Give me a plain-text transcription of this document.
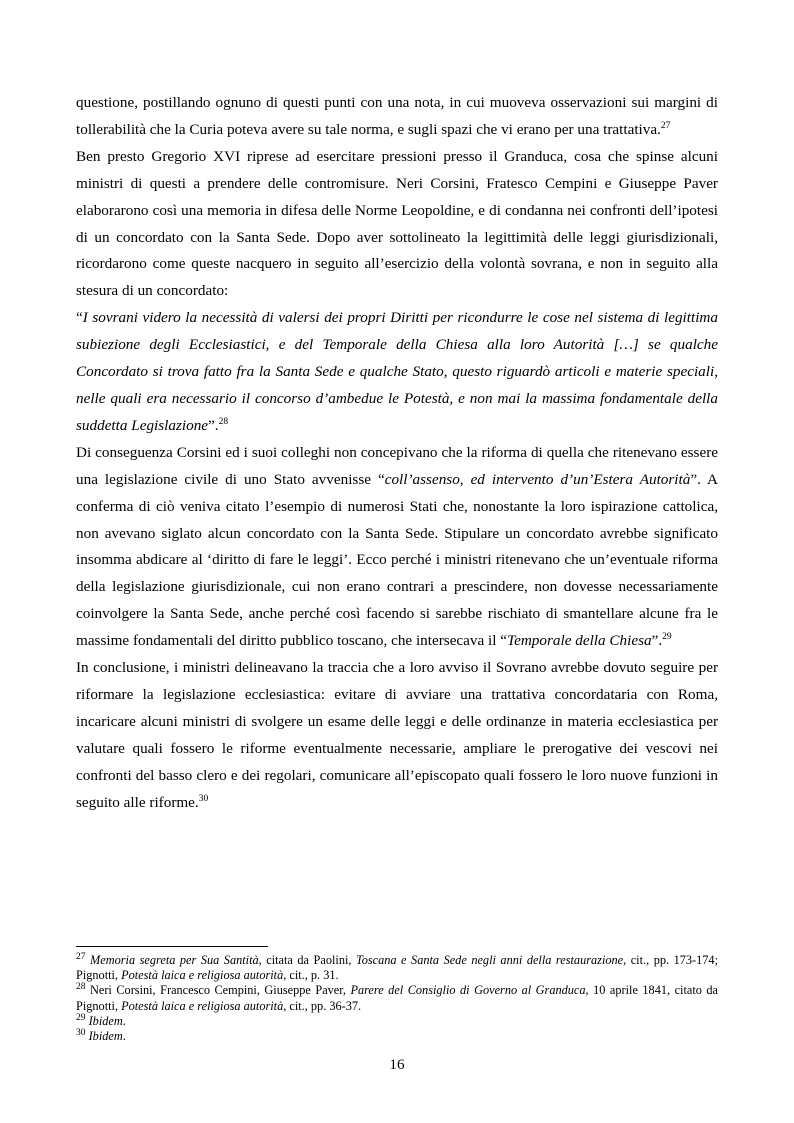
questione, postillando ognuno di questi punti con una nota, in cui muoveva osservazioni sui margini di tollerabilità che la Curia poteva avere su tale norma, e sugli spazi che vi erano per una trattativa.$^{27}$

Ben presto Gregorio XVI riprese ad esercitare pressioni presso il Granduca, cosa che spinse alcuni ministri di questi a prendere delle contromisure. Neri Corsini, Fratesco Cempini e Giuseppe Paver elaborarono così una memoria in difesa delle Norme Leopoldine, e di condanna nei confronti dell’ipotesi di un concordato con la Santa Sede. Dopo aver sottolineato la legittimità delle leggi giurisdizionali, ricordarono come queste nacquero in seguito all’esercizio della volontà sovrana, e non in seguito alla stesura di un concordato:

“I sovrani videro la necessità di valersi dei propri Diritti per ricondurre le cose nel sistema di legittima subiezione degli Ecclesiastici, e del Temporale della Chiesa alla loro Autorità […] se qualche Concordato si trova fatto fra la Santa Sede e qualche Stato, questo riguardò articoli e materie speciali, nelle quali era necessario il concorso d’ambedue le Potestà, e non mai la massima fondamentale della suddetta Legislazione”.$^{28}$

Di conseguenza Corsini ed i suoi colleghi non concepivano che la riforma di quella che ritenevano essere una legislazione civile di uno Stato avvenisse “coll’assenso, ed intervento d’un’Estera Autorità”. A conferma di ciò veniva citato l’esempio di numerosi Stati che, nonostante la loro ispirazione cattolica, non avevano siglato alcun concordato con la Santa Sede. Stipulare un concordato avrebbe significato insomma abdicare al ‘diritto di fare le leggi’. Ecco perché i ministri ritenevano che un’eventuale riforma della legislazione giurisdizionale, cui non erano contrari a prescindere, non dovesse necessariamente coinvolgere la Santa Sede, anche perché così facendo si sarebbe rischiato di smantellare alcune fra le massime fondamentali del diritto pubblico toscano, che intersecava il “Temporale della Chiesa”.$^{29}$

In conclusione, i ministri delineavano la traccia che a loro avviso il Sovrano avrebbe dovuto seguire per riformare la legislazione ecclesiastica: evitare di avviare una trattativa concordataria con Roma, incaricare alcuni ministri di svolgere un esame delle leggi e delle ordinanze in materia ecclesiastica per valutare quali fossero le riforme eventualmente necessarie, ampliare le prerogative dei vescovi nei confronti del basso clero e dei regolari, comunicare all’episcopato quali fossero le loro nuove funzioni in seguito alle riforme.$^{30}$

$^{27}$ Memoria segreta per Sua Santità, citata da Paolini, Toscana e Santa Sede negli anni della restaurazione, cit., pp. 173-174; Pignotti, Potestà laica e religiosa autorità, cit., p. 31.

$^{28}$ Neri Corsini, Francesco Cempini, Giuseppe Paver, Parere del Consiglio di Governo al Granduca, 10 aprile 1841, citato da Pignotti, Potestà laica e religiosa autorità, cit., pp. 36-37.

$^{29}$ Ibidem.

$^{30}$ Ibidem.

16
